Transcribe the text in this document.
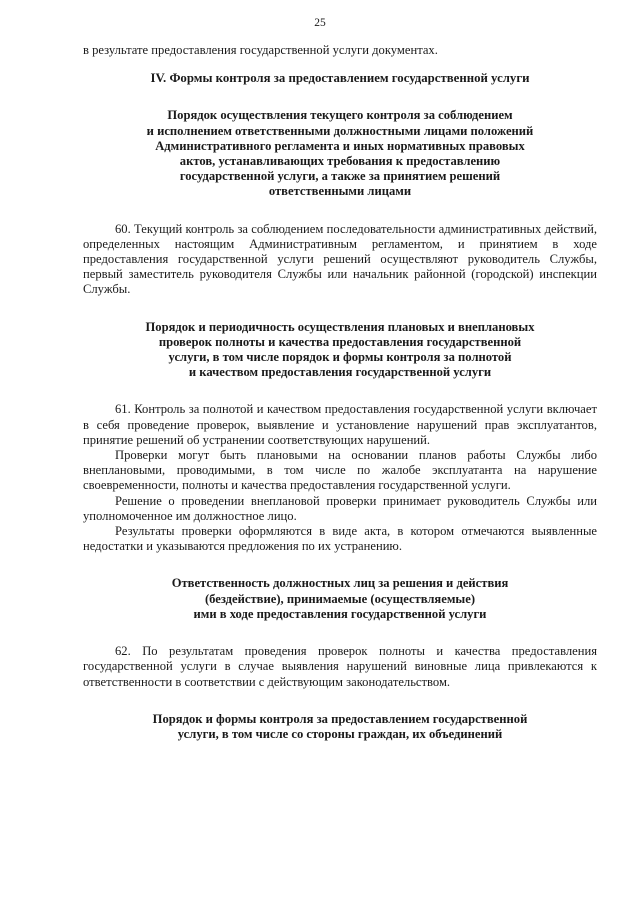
25

в результате предоставления государственной услуги документах.

IV. Формы контроля за предоставлением государственной услуги

Порядок осуществления текущего контроля за соблюдением

и исполнением ответственными должностными лицами положений

Административного регламента и иных нормативных правовых

актов, устанавливающих требования к предоставлению

государственной услуги, а также за принятием решений

ответственными лицами

60. Текущий контроль за соблюдением последовательности административных действий, определенных настоящим Административным регламентом, и принятием в ходе предоставления государственной услуги решений осуществляют руководитель Службы, первый заместитель руководителя Службы или начальник районной (городской) инспекции Службы.

Порядок и периодичность осуществления плановых и внеплановых

проверок полноты и качества предоставления государственной

услуги, в том числе порядок и формы контроля за полнотой

и качеством предоставления государственной услуги

61. Контроль за полнотой и качеством предоставления государственной услуги включает в себя проведение проверок, выявление и установление нарушений прав эксплуатантов, принятие решений об устранении соответствующих нарушений.

Проверки могут быть плановыми на основании планов работы Службы либо внеплановыми, проводимыми, в том числе по жалобе эксплуатанта на нарушение своевременности, полноты и качества предоставления государственной услуги.

Решение о проведении внеплановой проверки принимает руководитель Службы или уполномоченное им должностное лицо.

Результаты проверки оформляются в виде акта, в котором отмечаются выявленные недостатки и указываются предложения по их устранению.

Ответственность должностных лиц за решения и действия

(бездействие), принимаемые (осуществляемые)

ими в ходе предоставления государственной услуги

62. По результатам проведения проверок полноты и качества предоставления государственной услуги в случае выявления нарушений виновные лица привлекаются к ответственности в соответствии с действующим законодательством.

Порядок и формы контроля за предоставлением государственной

услуги, в том числе со стороны граждан, их объединений
